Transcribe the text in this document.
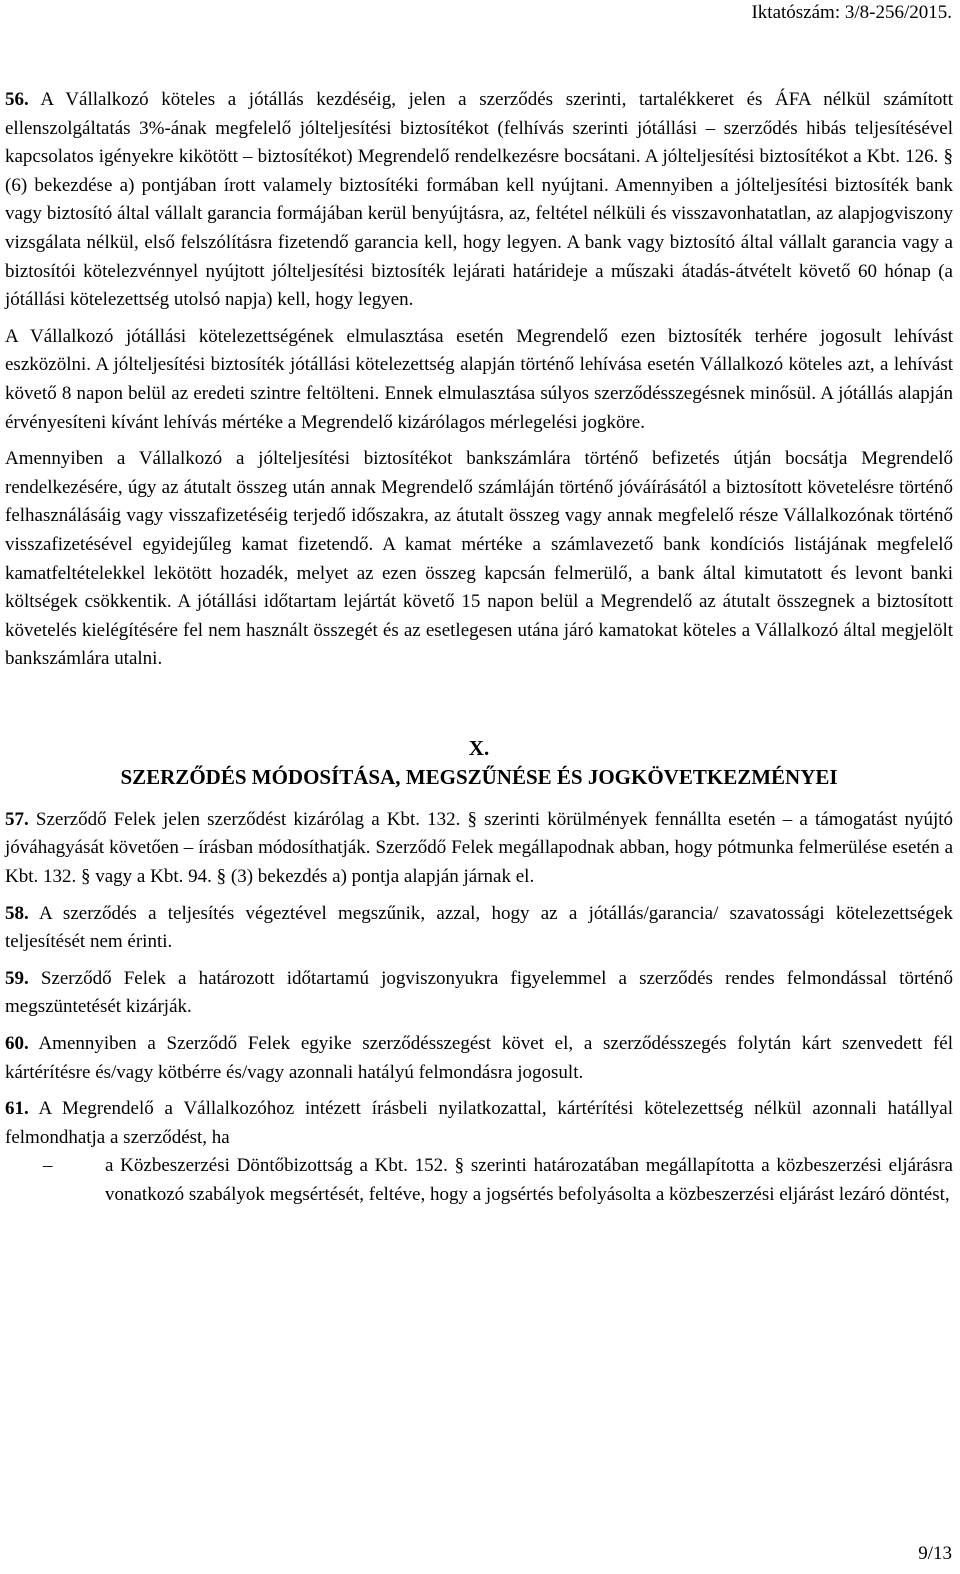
Iktatószám: 3/8-256/2015.

56. A Vállalkozó köteles a jótállás kezdéséig, jelen a szerződés szerinti, tartalékkeret és ÁFA nélkül számított ellenszolgáltatás 3%-ának megfelelő jólteljesítési biztosítékot (felhívás szerinti jótállási – szerződés hibás teljesítésével kapcsolatos igényekre kikötött – biztosítékot) Megrendelő rendelkezésre bocsátani. A jólteljesítési biztosítékot a Kbt. 126. § (6) bekezdése a) pontjában írott valamely biztosítéki formában kell nyújtani. Amennyiben a jólteljesítési biztosíték bank vagy biztosító által vállalt garancia formájában kerül benyújtásra, az, feltétel nélküli és visszavonhatatlan, az alapjogviszony vizsgálata nélkül, első felszólításra fizetendő garancia kell, hogy legyen. A bank vagy biztosító által vállalt garancia vagy a biztosítói kötelezvénnyel nyújtott jólteljesítési biztosíték lejárati határideje a műszaki átadás-átvételt követő 60 hónap (a jótállási kötelezettség utolsó napja) kell, hogy legyen.

A Vállalkozó jótállási kötelezettségének elmulasztása esetén Megrendelő ezen biztosíték terhére jogosult lehívást eszközölni. A jólteljesítési biztosíték jótállási kötelezettség alapján történő lehívása esetén Vállalkozó köteles azt, a lehívást követő 8 napon belül az eredeti szintre feltölteni. Ennek elmulasztása súlyos szerződésszegésnek minősül. A jótállás alapján érvényesíteni kívánt lehívás mértéke a Megrendelő kizárólagos mérlegelési jogköre.

Amennyiben a Vállalkozó a jólteljesítési biztosítékot bankszámlára történő befizetés útján bocsátja Megrendelő rendelkezésére, úgy az átutalt összeg után annak Megrendelő számláján történő jóváírásától a biztosított követelésre történő felhasználásáig vagy visszafizetéséig terjedő időszakra, az átutalt összeg vagy annak megfelelő része Vállalkozónak történő visszafizetésével egyidejűleg kamat fizetendő. A kamat mértéke a számlavezető bank kondíciós listájának megfelelő kamatfeltételekkel lekötött hozadék, melyet az ezen összeg kapcsán felmerülő, a bank által kimutatott és levont banki költségek csökkentik. A jótállási időtartam lejártát követő 15 napon belül a Megrendelő az átutalt összegnek a biztosított követelés kielégítésére fel nem használt összegét és az esetlegesen utána járó kamatokat köteles a Vállalkozó által megjelölt bankszámlára utalni.

X.
SZERZŐDÉS MÓDOSÍTÁSA, MEGSZŰNÉSE ÉS JOGKÖVETKEZMÉNYEI

57. Szerződő Felek jelen szerződést kizárólag a Kbt. 132. § szerinti körülmények fennállta esetén – a támogatást nyújtó jóváhagyását követően – írásban módosíthatják. Szerződő Felek megállapodnak abban, hogy pótmunka felmerülése esetén a Kbt. 132. § vagy a Kbt. 94. § (3) bekezdés a) pontja alapján járnak el.

58. A szerződés a teljesítés végeztével megszűnik, azzal, hogy az a jótállás/garancia/ szavatossági kötelezettségek teljesítését nem érinti.

59. Szerződő Felek a határozott időtartamú jogviszonyukra figyelemmel a szerződés rendes felmondással történő megszüntetését kizárják.

60. Amennyiben a Szerződő Felek egyike szerződésszegést követ el, a szerződésszegés folytán kárt szenvedett fél kártérítésre és/vagy kötbérre és/vagy azonnali hatályú felmondásra jogosult.

61. A Megrendelő a Vállalkozóhoz intézett írásbeli nyilatkozattal, kártérítési kötelezettség nélkül azonnali hatállyal felmondhatja a szerződést, ha

–	a Közbeszerzési Döntőbizottság a Kbt. 152. § szerinti határozatában megállapította a közbeszerzési eljárásra vonatkozó szabályok megsértését, feltéve, hogy a jogsértés befolyásolta a közbeszerzési eljárást lezáró döntést,
9/13
